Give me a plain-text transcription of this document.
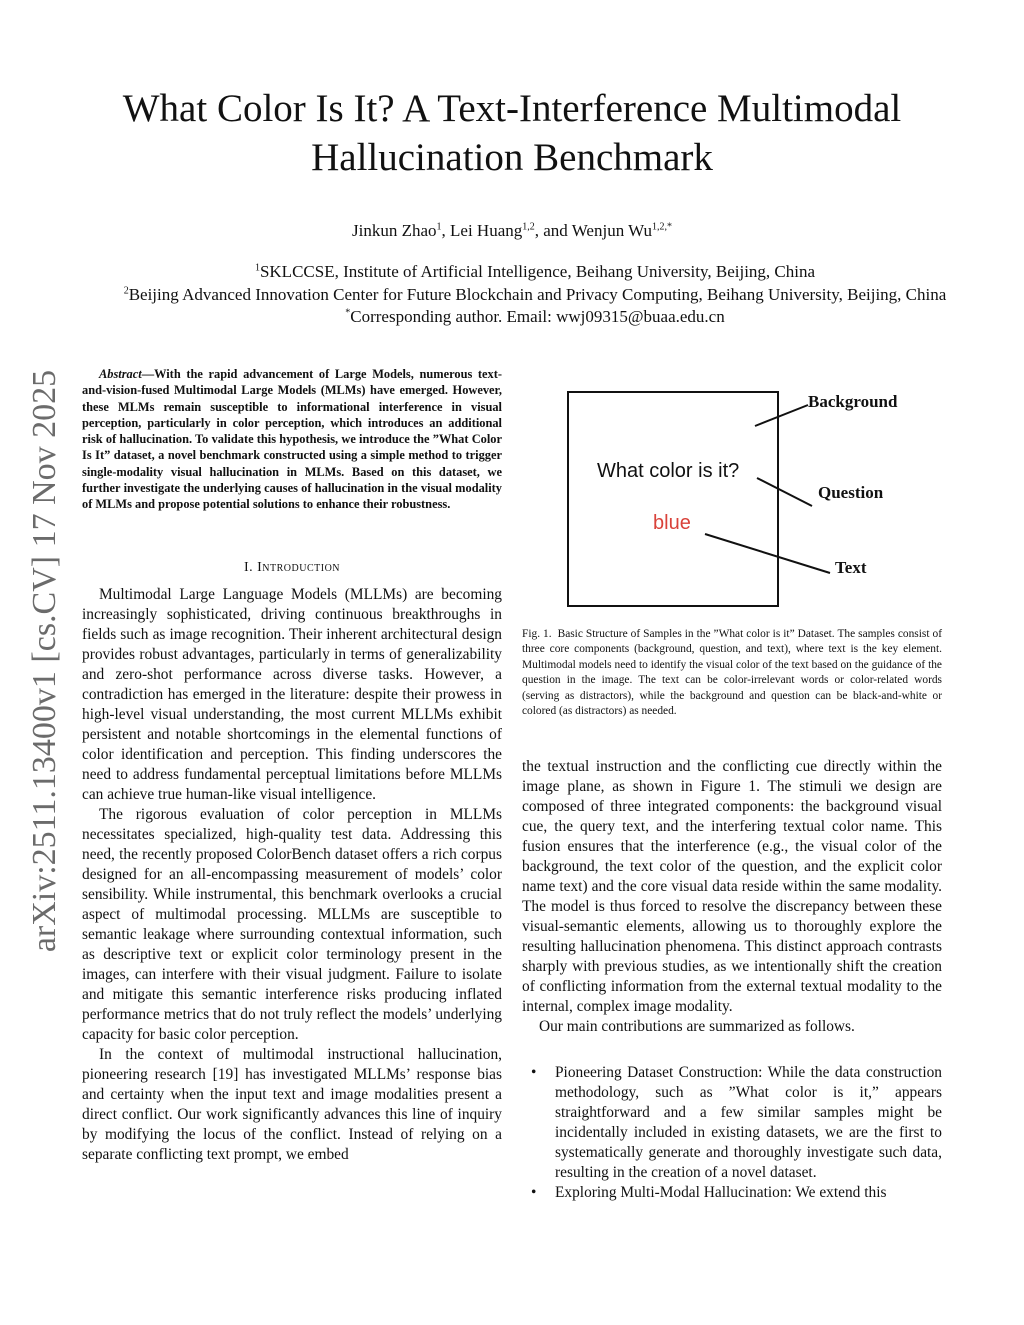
arXiv:2511.13400v1 [cs.CV] 17 Nov 2025
What Color Is It? A Text-Interference Multimodal
Hallucination Benchmark
Jinkun Zhao$^1$, Lei Huang$^{1,2}$, and Wenjun $Wu^{1,2,*}$
$^1$SKLCCSE, Institute of Artificial Intelligence, Beihang University, Beijing, China
$^2$Beijing Advanced Innovation Center for Future Blockchain and Privacy Computing, Beihang University, Beijing, China
*Corresponding author. Email: wwj09315@buaa.edu.cn

Abstract—With the rapid advancement of Large Models, numerous text-and-vision-fused Multimodal Large Models (MLMs) have emerged. However, these MLMs remain susceptible to informational interference in visual perception, particularly in color perception, which introduces an additional risk of hallucination. To validate this hypothesis, we introduce the ”What Color Is It” dataset, a novel benchmark constructed using a simple method to trigger single-modality visual hallucination in MLMs. Based on this dataset, we further investigate the underlying causes of hallucination in the visual modality of MLMs and propose potential solutions to enhance their robustness.

I. Introduction

Multimodal Large Language Models (MLLMs) are becoming increasingly sophisticated, driving continuous breakthroughs in fields such as image recognition. Their inherent architectural design provides robust advantages, particularly in terms of generalizability and zero-shot performance across diverse tasks. However, a contradiction has emerged in the literature: despite their prowess in high-level visual understanding, the most current MLLMs exhibit persistent and notable shortcomings in the elemental functions of color identification and perception. This finding underscores the need to address fundamental perceptual limitations before MLLMs can achieve true human-like visual intelligence.

The rigorous evaluation of color perception in MLLMs necessitates specialized, high-quality test data. Addressing this need, the recently proposed ColorBench dataset offers a rich corpus designed for an all-encompassing measurement of models’ color sensibility. While instrumental, this benchmark overlooks a crucial aspect of multimodal processing. MLLMs are susceptible to semantic leakage where surrounding contextual information, such as descriptive text or explicit color terminology present in the images, can interfere with their visual judgment. Failure to isolate and mitigate this semantic interference risks producing inflated performance metrics that do not truly reflect the models’ underlying capacity for basic color perception.

In the context of multimodal instructional hallucination, pioneering research [19] has investigated MLLMs’ response bias and certainty when the input text and image modalities present a direct conflict. Our work significantly advances this line of inquiry by modifying the locus of the conflict. Instead of relying on a separate conflicting text prompt, we embed

What color is it?
blue
Background
Question
Text

Fig. 1. Basic Structure of Samples in the ”What color is it” Dataset. The samples consist of three core components (background, question, and text), where text is the key element. Multimodal models need to identify the visual color of the text based on the guidance of the question in the image. The text can be color-irrelevant words or color-related words (serving as distractors), while the background and question can be black-and-white or colored (as distractors) as needed.

the textual instruction and the conflicting cue directly within the image plane, as shown in Figure 1. The stimuli we design are composed of three integrated components: the background visual cue, the query text, and the interfering textual color name. This fusion ensures that the interference (e.g., the visual color of the background, the text color of the question, and the explicit color name text) and the core visual data reside within the same modality. The model is thus forced to resolve the discrepancy between these visual-semantic elements, allowing us to thoroughly explore the resulting hallucination phenomena. This distinct approach contrasts sharply with previous studies, as we intentionally shift the creation of conflicting information from the external textual modality to the internal, complex image modality.

Our main contributions are summarized as follows.

• Pioneering Dataset Construction: While the data construction methodology, such as ”What color is it,” appears straightforward and a few similar samples might be incidentally included in existing datasets, we are the first to systematically generate and thoroughly investigate such data, resulting in the creation of a novel dataset.
• Exploring Multi-Modal Hallucination: We extend this
